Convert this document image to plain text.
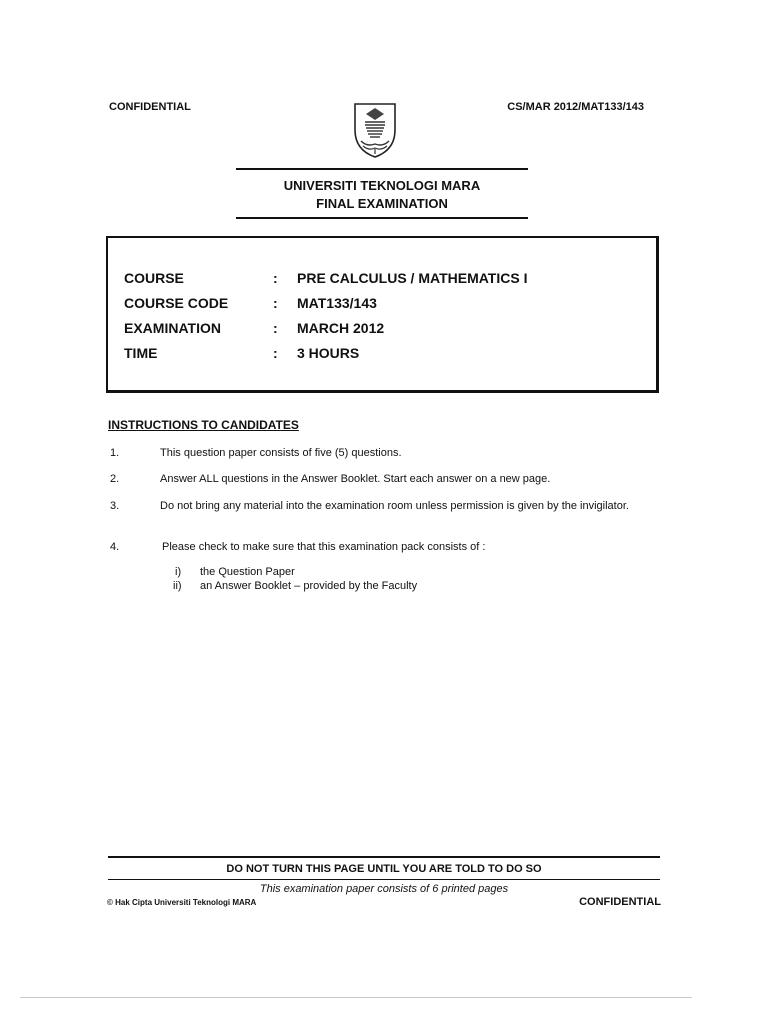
CONFIDENTIAL	CS/MAR 2012/MAT133/143
UNIVERSITI TEKNOLOGI MARA
FINAL EXAMINATION
COURSE	: PRE CALCULUS / MATHEMATICS I
COURSE CODE	: MAT133/143
EXAMINATION	: MARCH 2012
TIME	: 3 HOURS
INSTRUCTIONS TO CANDIDATES
1.	This question paper consists of five (5) questions.
2.	Answer ALL questions in the Answer Booklet. Start each answer on a new page.
3.	Do not bring any material into the examination room unless permission is given by the invigilator.
4.	Please check to make sure that this examination pack consists of :
i) the Question Paper
ii) an Answer Booklet – provided by the Faculty
DO NOT TURN THIS PAGE UNTIL YOU ARE TOLD TO DO SO
This examination paper consists of 6 printed pages
© Hak Cipta Universiti Teknologi MARA	CONFIDENTIAL
